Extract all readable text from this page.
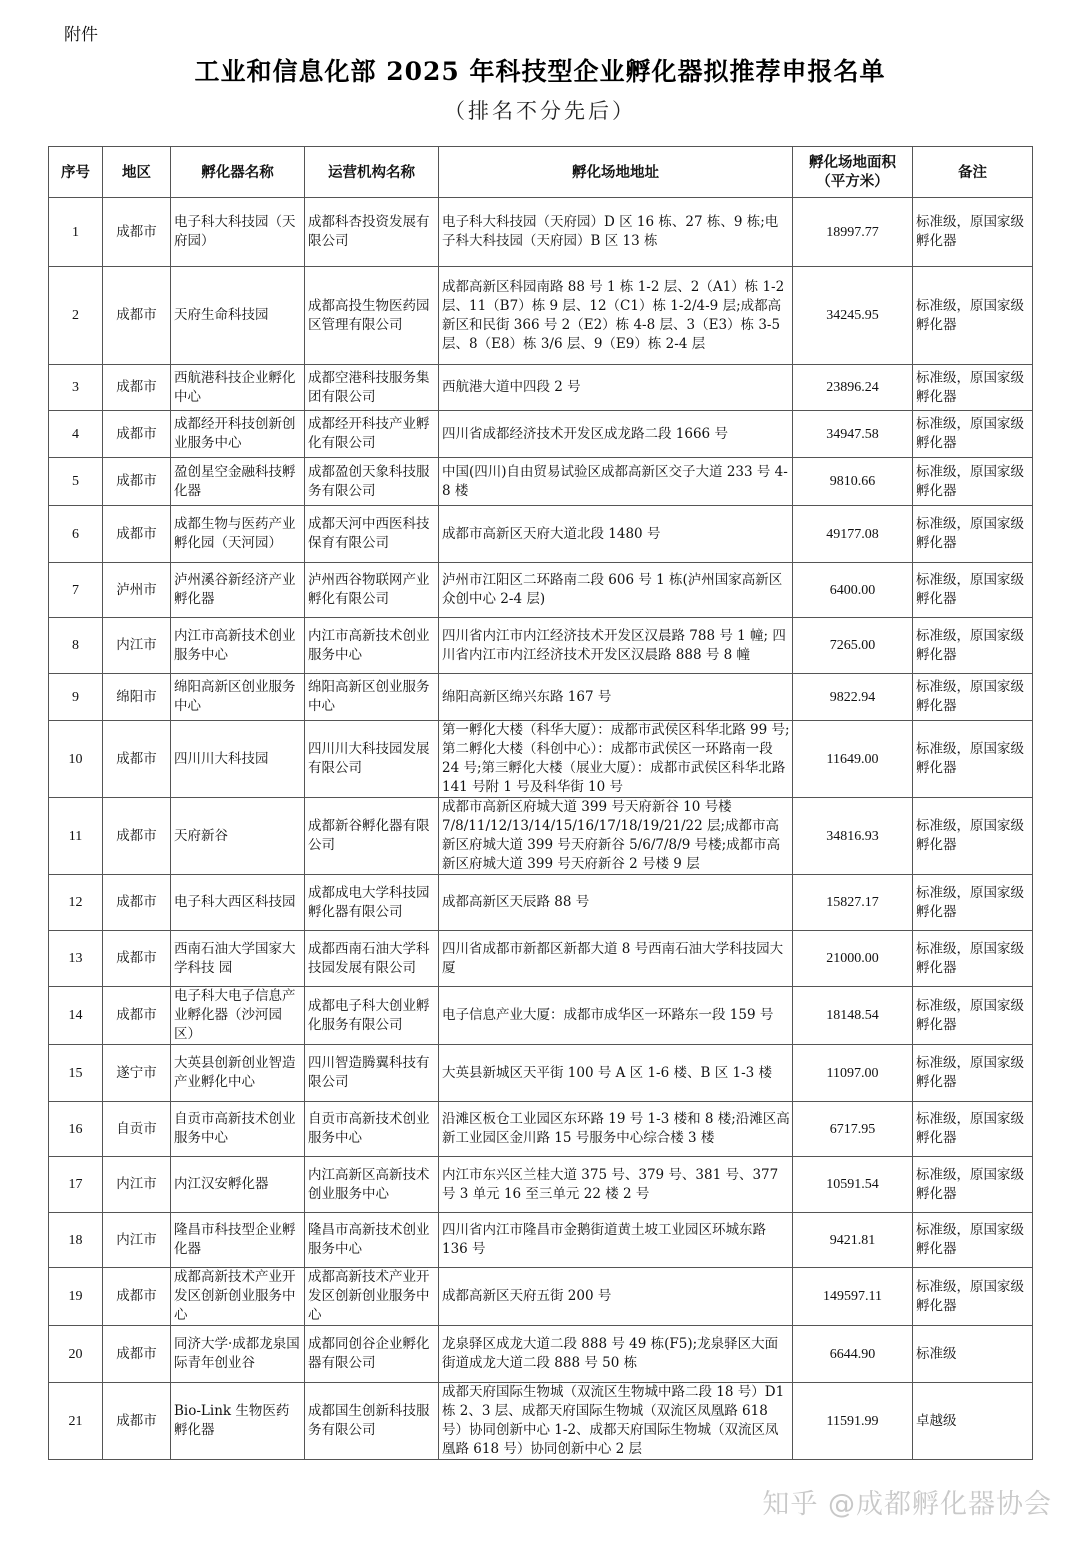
附件
工业和信息化部 2025 年科技型企业孵化器拟推荐申报名单
（排名不分先后）
序号	地区	孵化器名称	运营机构名称	孵化场地地址	孵化场地面积（平方米）	备注
1	成都市	电子科大科技园（天府园）	成都科杏投资发展有限公司	电子科大科技园（天府园）D 区 16 栋、27 栋、9 栋;电子科大科技园（天府园）B 区 13 栋	18997.77	标准级，原国家级孵化器
2	成都市	天府生命科技园	成都高投生物医药园区管理有限公司	成都高新区科园南路 88 号 1 栋 1-2 层、2（A1）栋 1-2 层、11（B7）栋 9 层、12（C1）栋 1-2/4-9 层;成都高新区和民街 366 号 2（E2）栋 4-8 层、3（E3）栋 3-5 层、8（E8）栋 3/6 层、9（E9）栋 2-4 层	34245.95	标准级，原国家级孵化器
3	成都市	西航港科技企业孵化中心	成都空港科技服务集团有限公司	西航港大道中四段 2 号	23896.24	标准级，原国家级孵化器
4	成都市	成都经开科技创新创业服务中心	成都经开科技产业孵化有限公司	四川省成都经济技术开发区成龙路二段 1666 号	34947.58	标准级，原国家级孵化器
5	成都市	盈创星空金融科技孵化器	成都盈创天象科技服务有限公司	中国(四川)自由贸易试验区成都高新区交子大道 233 号 4-8 楼	9810.66	标准级，原国家级孵化器
6	成都市	成都生物与医药产业孵化园（天河园）	成都天河中西医科技保育有限公司	成都市高新区天府大道北段 1480 号	49177.08	标准级，原国家级孵化器
7	泸州市	泸州溪谷新经济产业孵化器	泸州西谷物联网产业孵化有限公司	泸州市江阳区二环路南二段 606 号 1 栋(泸州国家高新区众创中心 2-4 层)	6400.00	标准级，原国家级孵化器
8	内江市	内江市高新技术创业服务中心	内江市高新技术创业服务中心	四川省内江市内江经济技术开发区汉晨路 788 号 1 幢; 四川省内江市内江经济技术开发区汉晨路 888 号 8 幢	7265.00	标准级，原国家级孵化器
9	绵阳市	绵阳高新区创业服务中心	绵阳高新区创业服务中心	绵阳高新区绵兴东路 167 号	9822.94	标准级，原国家级孵化器
10	成都市	四川川大科技园	四川川大科技园发展有限公司	第一孵化大楼（科华大厦）：成都市武侯区科华北路 99 号;第二孵化大楼（科创中心）：成都市武侯区一环路南一段 24 号;第三孵化大楼（展业大厦）：成都市武侯区科华北路 141 号附 1 号及科华街 10 号	11649.00	标准级，原国家级孵化器
11	成都市	天府新谷	成都新谷孵化器有限公司	成都市高新区府城大道 399 号天府新谷 10 号楼 7/8/11/12/13/14/15/16/17/18/19/21/22 层;成都市高新区府城大道 399 号天府新谷 5/6/7/8/9 号楼;成都市高新区府城大道 399 号天府新谷 2 号楼 9 层	34816.93	标准级，原国家级孵化器
12	成都市	电子科大西区科技园	成都成电大学科技园孵化器有限公司	成都高新区天辰路 88 号	15827.17	标准级，原国家级孵化器
13	成都市	西南石油大学国家大学科技 园	成都西南石油大学科技园发展有限公司	四川省成都市新都区新都大道 8 号西南石油大学科技园大厦	21000.00	标准级，原国家级孵化器
14	成都市	电子科大电子信息产业孵化器（沙河园区）	成都电子科大创业孵化服务有限公司	电子信息产业大厦：成都市成华区一环路东一段 159 号	18148.54	标准级，原国家级孵化器
15	遂宁市	大英县创新创业智造产业孵化中心	四川智造腾翼科技有限公司	大英县新城区天平街 100 号 A 区 1-6 楼、B 区 1-3 楼	11097.00	标准级，原国家级孵化器
16	自贡市	自贡市高新技术创业服务中心	自贡市高新技术创业服务中心	沿滩区板仓工业园区东环路 19 号 1-3 楼和 8 楼;沿滩区高新工业园区金川路 15 号服务中心综合楼 3 楼	6717.95	标准级，原国家级孵化器
17	内江市	内江汉安孵化器	内江高新区高新技术创业服务中心	内江市东兴区兰桂大道 375 号、379 号、381 号、377 号 3 单元 16 至三单元 22 楼 2 号	10591.54	标准级，原国家级孵化器
18	内江市	隆昌市科技型企业孵化器	隆昌市高新技术创业服务中心	四川省内江市隆昌市金鹅街道黄土坡工业园区环城东路 136 号	9421.81	标准级，原国家级孵化器
19	成都市	成都高新技术产业开发区创新创业服务中心	成都高新技术产业开发区创新创业服务中心	成都高新区天府五街 200 号	149597.11	标准级，原国家级孵化器
20	成都市	同济大学·成都龙泉国际青年创业谷	成都同创谷企业孵化器有限公司	龙泉驿区成龙大道二段 888 号 49 栋(F5);龙泉驿区大面街道成龙大道二段 888 号 50 栋	6644.90	标准级
21	成都市	Bio-Link 生物医药孵化器	成都国生创新科技服务有限公司	成都天府国际生物城（双流区生物城中路二段 18 号）D1 栋 2、3 层、成都天府国际生物城（双流区凤凰路 618 号）协同创新中心 1-2、成都天府国际生物城（双流区凤凰路 618 号）协同创新中心 2 层	11591.99	卓越级
知乎 @成都孵化器协会
